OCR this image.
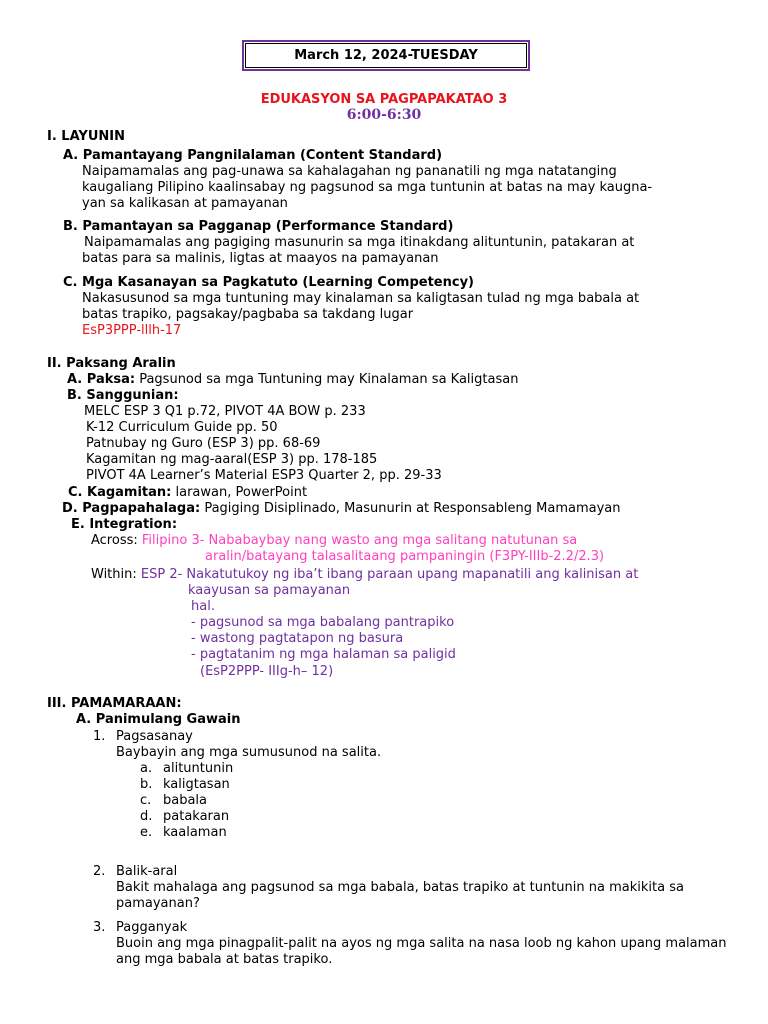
March 12, 2024-TUESDAY
EDUKASYON SA PAGPAPAKATAO 3
6:00-6:30
I. LAYUNIN
A. Pamantayang Pangnilalaman (Content Standard)
Naipamamalas ang pag-unawa sa kahalagahan ng pananatili ng mga natatanging
kaugaliang Pilipino kaalinsabay ng pagsunod sa mga tuntunin at batas na may kaugna-
yan sa kalikasan at pamayanan
B. Pamantayan sa Pagganap (Performance Standard)
Naipamamalas ang pagiging masunurin sa mga itinakdang alituntunin, patakaran at
batas para sa malinis, ligtas at maayos na pamayanan
C. Mga Kasanayan sa Pagkatuto (Learning Competency)
Nakasusunod sa mga tuntuning may kinalaman sa kaligtasan tulad ng mga babala at
batas trapiko, pagsakay/pagbaba sa takdang lugar
EsP3PPP-lllh-17
II. Paksang Aralin
A. Paksa: Pagsunod sa mga Tuntuning may Kinalaman sa Kaligtasan
B. Sanggunian:
MELC ESP 3 Q1 p.72, PIVOT 4A BOW p. 233
K-12 Curriculum Guide pp. 50
Patnubay ng Guro (ESP 3) pp. 68-69
Kagamitan ng mag-aaral(ESP 3) pp. 178-185
PIVOT 4A Learner’s Material ESP3 Quarter 2, pp. 29-33
C. Kagamitan: larawan, PowerPoint
D. Pagpapahalaga: Pagiging Disiplinado, Masunurin at Responsableng Mamamayan
E. Integration:
Across: Filipino 3- Nababaybay nang wasto ang mga salitang natutunan sa
aralin/batayang talasalitaang pampaningin (F3PY-IIIb-2.2/2.3)
Within: ESP 2- Nakatutukoy ng iba’t ibang paraan upang mapanatili ang kalinisan at
kaayusan sa pamayanan
hal.
- pagsunod sa mga babalang pantrapiko
- wastong pagtatapon ng basura
- pagtatanim ng mga halaman sa paligid
(EsP2PPP- IIIg-h– 12)
III. PAMAMARAAN:
A. Panimulang Gawain
1. Pagsasanay
Baybayin ang mga sumusunod na salita.
a. alituntunin
b. kaligtasan
c. babala
d. patakaran
e. kaalaman
2. Balik-aral
Bakit mahalaga ang pagsunod sa mga babala, batas trapiko at tuntunin na makikita sa
pamayanan?
3. Pagganyak
Buoin ang mga pinagpalit-palit na ayos ng mga salita na nasa loob ng kahon upang malaman
ang mga babala at batas trapiko.
